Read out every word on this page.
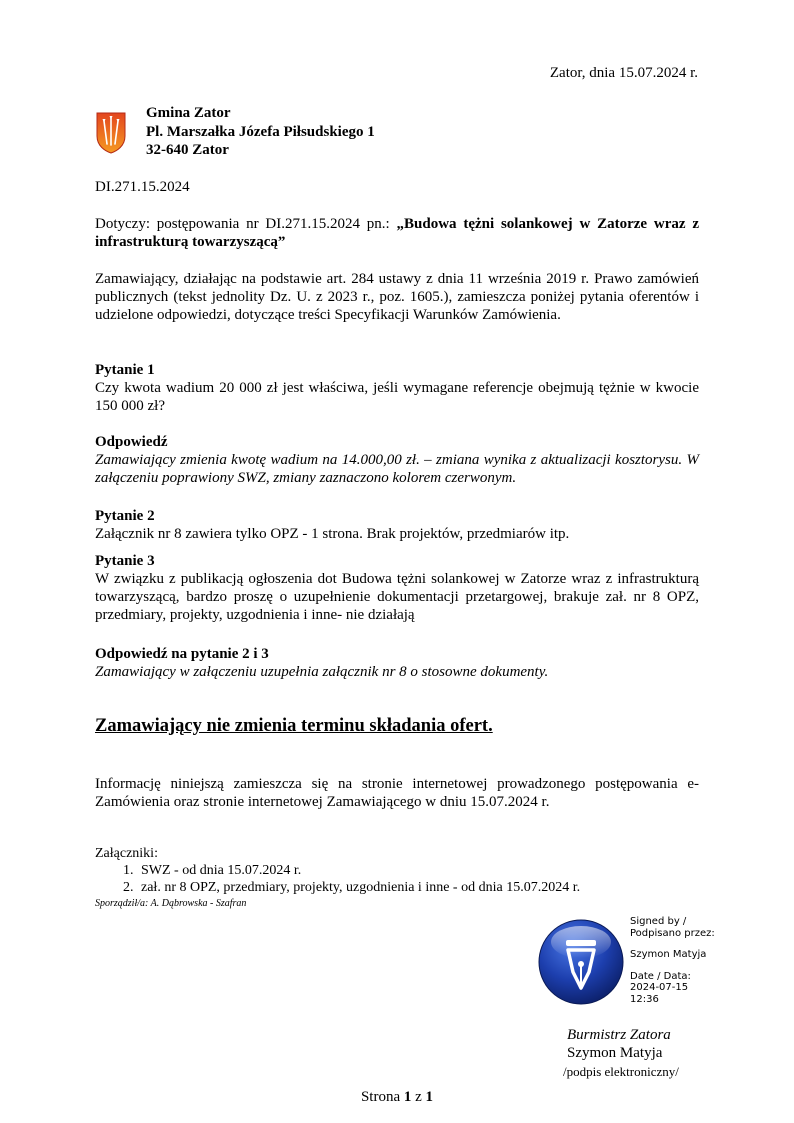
Zator, dnia 15.07.2024 r.
Gmina Zator
Pl. Marszałka Józefa Piłsudskiego 1
32-640 Zator
DI.271.15.2024

Dotyczy: postępowania nr DI.271.15.2024 pn.: „Budowa tężni solankowej w Zatorze wraz z infrastrukturą towarzyszącą”

Zamawiający, działając na podstawie art. 284 ustawy z dnia 11 września 2019 r. Prawo zamówień publicznych (tekst jednolity Dz. U. z 2023 r., poz. 1605.), zamieszcza poniżej pytania oferentów i udzielone odpowiedzi, dotyczące treści Specyfikacji Warunków Zamówienia.

Pytanie 1

Czy kwota wadium 20 000 zł jest właściwa, jeśli wymagane referencje obejmują tężnie w kwocie 150 000 zł?

Odpowiedź

Zamawiający zmienia kwotę wadium na 14.000,00 zł. – zmiana wynika z aktualizacji kosztorysu. W załączeniu poprawiony SWZ, zmiany zaznaczono kolorem czerwonym.

Pytanie 2

Załącznik nr 8 zawiera tylko OPZ - 1 strona. Brak projektów, przedmiarów itp.

Pytanie 3

W związku z publikacją ogłoszenia dot Budowa tężni solankowej w Zatorze wraz z infrastrukturą towarzyszącą, bardzo proszę o uzupełnienie dokumentacji przetargowej, brakuje zał. nr 8 OPZ, przedmiary, projekty, uzgodnienia i inne- nie działają

Odpowiedź na pytanie 2 i 3

Zamawiający w załączeniu uzupełnia załącznik nr 8 o stosowne dokumenty.

Zamawiający nie zmienia terminu składania ofert.

Informację niniejszą zamieszcza się na stronie internetowej prowadzonego postępowania e-Zamówienia oraz stronie internetowej Zamawiającego w dniu 15.07.2024 r.

Załączniki:
1. SWZ - od dnia 15.07.2024 r.
2. zał. nr 8 OPZ, przedmiary, projekty, uzgodnienia i inne - od dnia 15.07.2024 r.
Sporządził/a: A. Dąbrowska - Szafran
Signed by /
Podpisano przez:
Szymon Matyja
Date / Data:
2024-07-15
12:36
Burmistrz Zatora
Szymon Matyja
/podpis elektroniczny/
Strona 1 z 1
